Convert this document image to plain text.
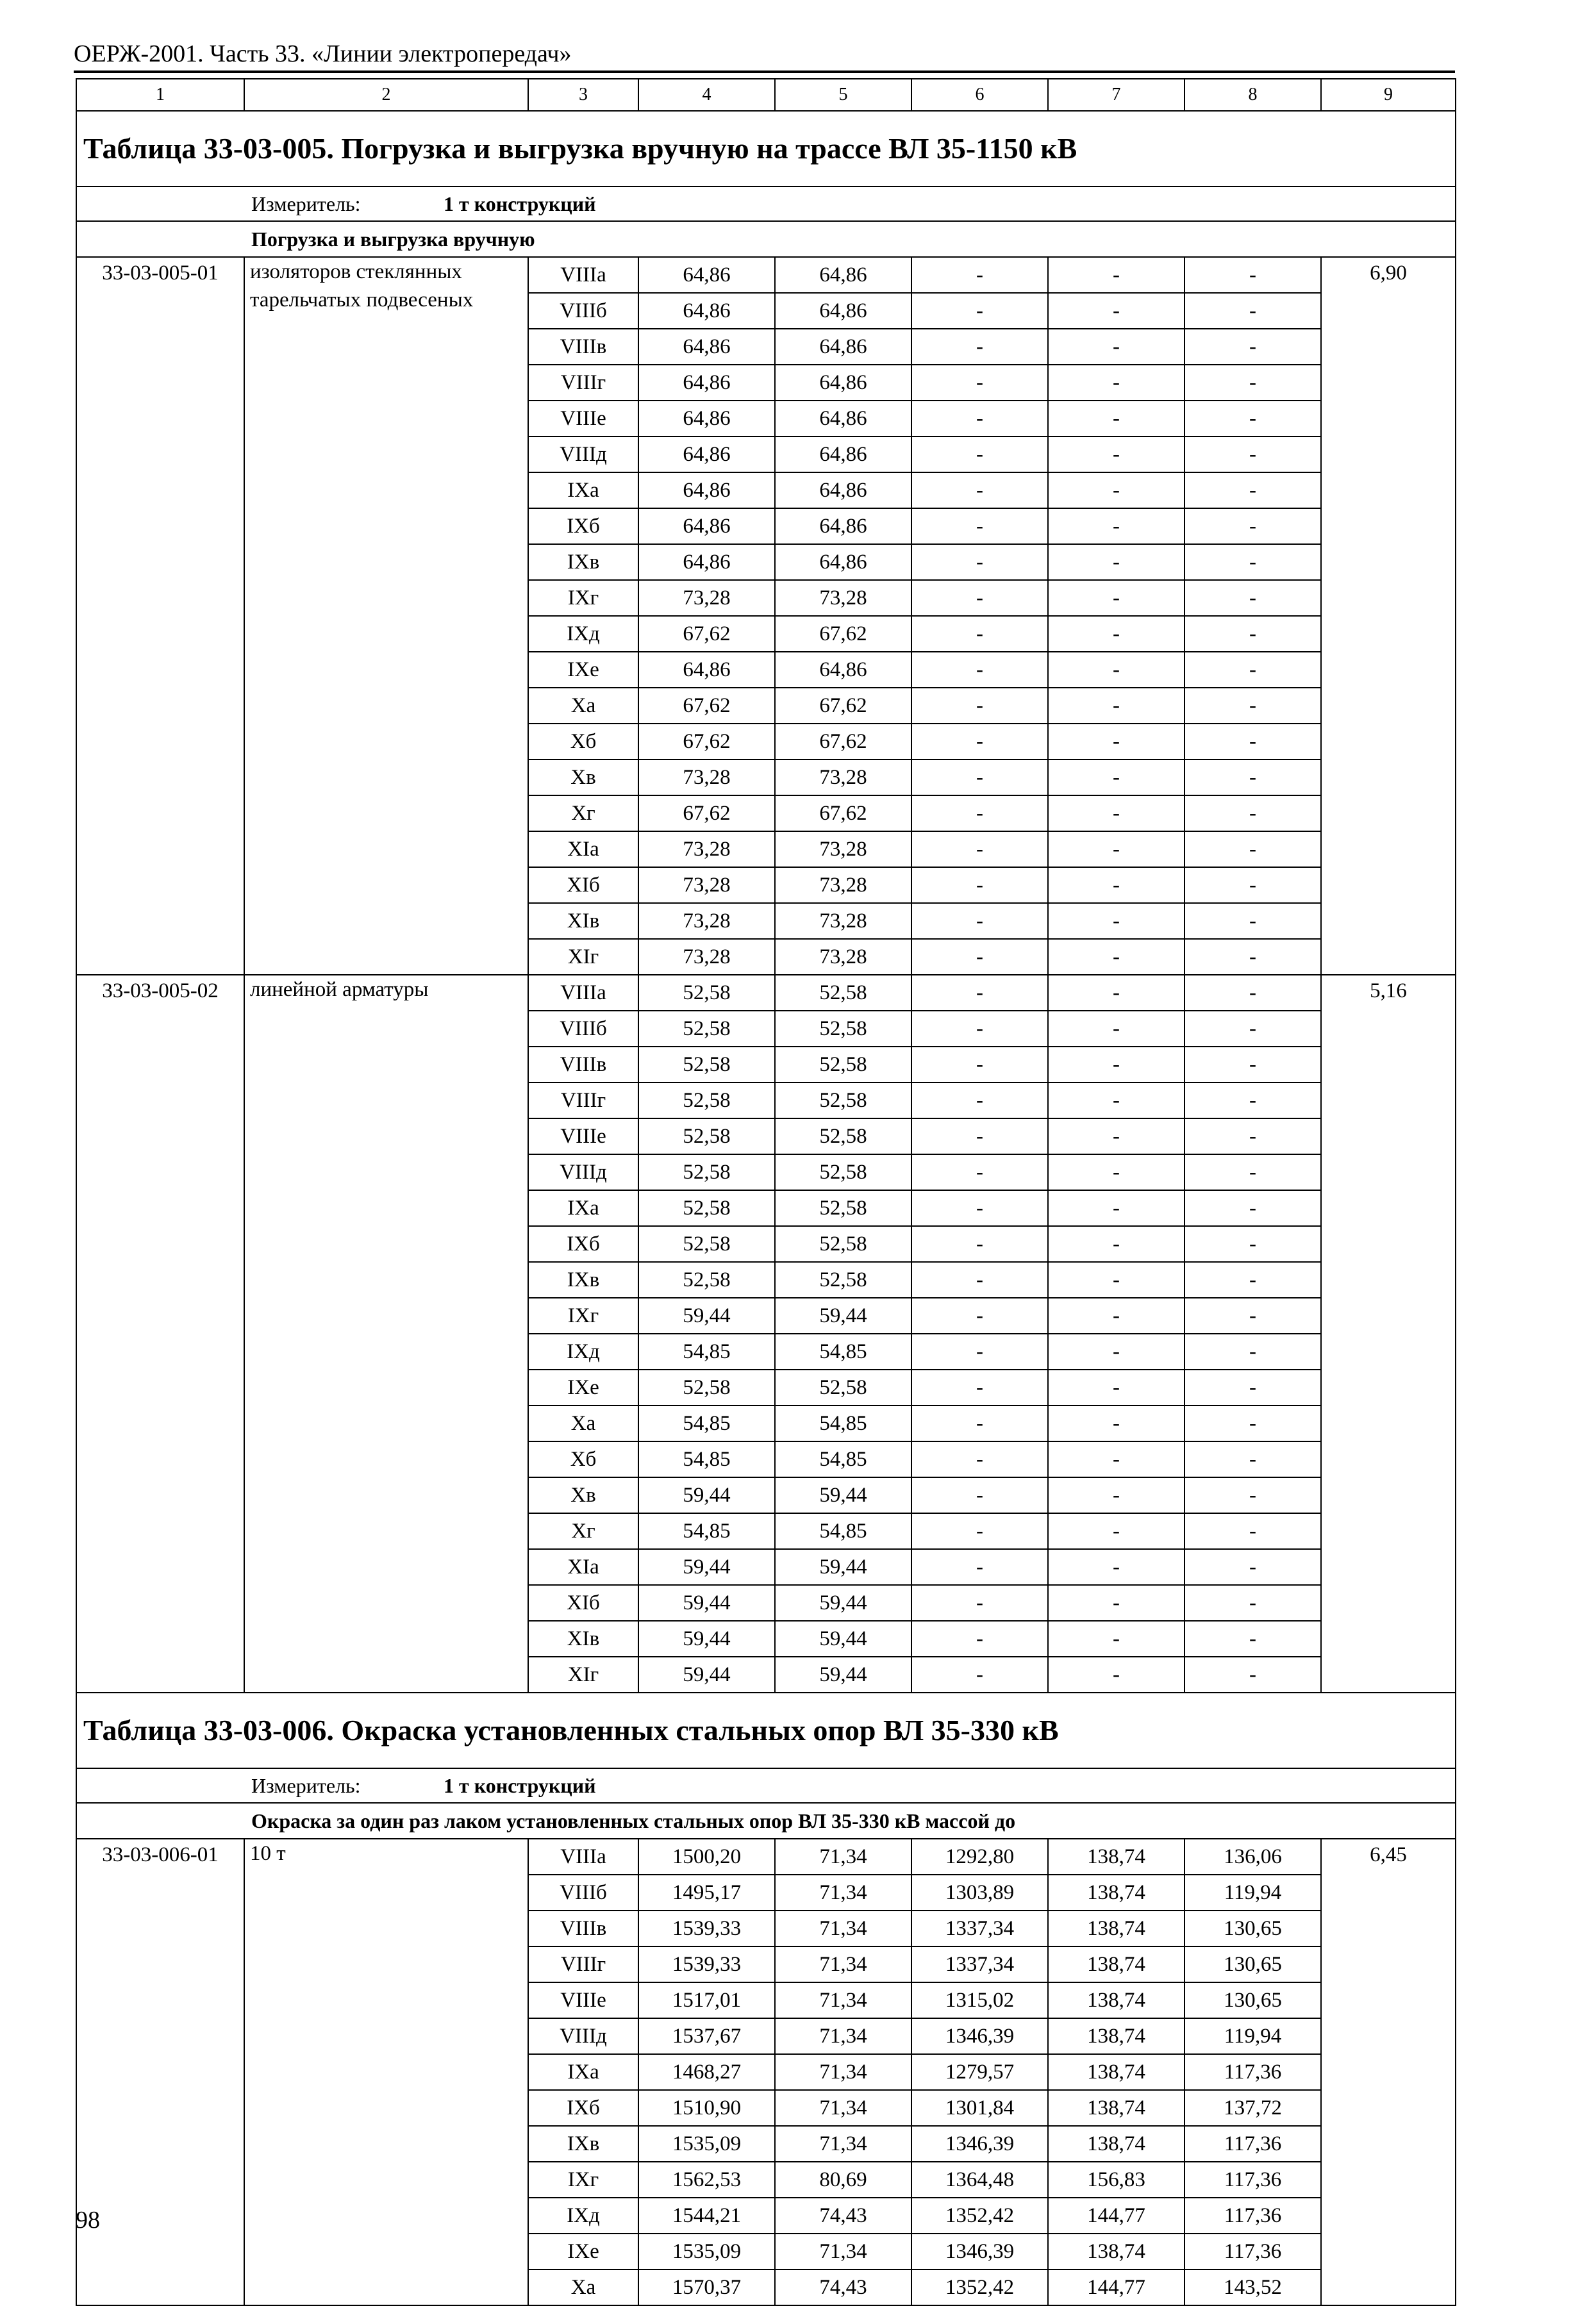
ОЕРЖ-2001. Часть 33. «Линии электропередач»
1	2	3	4	5	6	7	8	9
Таблица 33-03-005. Погрузка и выгрузка вручную на трассе ВЛ 35-1150 кВ								
Измеритель: 1 т конструкций								
Погрузка и выгрузка вручную								
33-03-005-01	изоляторов стеклянных тарельчатых подвесеных	VIIIа	64,86	64,86	-	-	-	6,90
		VIIIб	64,86	64,86	-	-	-	
		VIIIв	64,86	64,86	-	-	-	
		VIIIг	64,86	64,86	-	-	-	
		VIIIе	64,86	64,86	-	-	-	
		VIIIд	64,86	64,86	-	-	-	
		IXа	64,86	64,86	-	-	-	
		IXб	64,86	64,86	-	-	-	
		IXв	64,86	64,86	-	-	-	
		IXг	73,28	73,28	-	-	-	
		IXд	67,62	67,62	-	-	-	
		IXе	64,86	64,86	-	-	-	
		Xа	67,62	67,62	-	-	-	
		Xб	67,62	67,62	-	-	-	
		Xв	73,28	73,28	-	-	-	
		Xг	67,62	67,62	-	-	-	
		XIа	73,28	73,28	-	-	-	
		XIб	73,28	73,28	-	-	-	
		XIв	73,28	73,28	-	-	-	
		XIг	73,28	73,28	-	-	-	
33-03-005-02	линейной арматуры	VIIIа	52,58	52,58	-	-	-	5,16
		VIIIб	52,58	52,58	-	-	-	
		VIIIв	52,58	52,58	-	-	-	
		VIIIг	52,58	52,58	-	-	-	
		VIIIе	52,58	52,58	-	-	-	
		VIIIд	52,58	52,58	-	-	-	
		IXа	52,58	52,58	-	-	-	
		IXб	52,58	52,58	-	-	-	
		IXв	52,58	52,58	-	-	-	
		IXг	59,44	59,44	-	-	-	
		IXд	54,85	54,85	-	-	-	
		IXе	52,58	52,58	-	-	-	
		Xа	54,85	54,85	-	-	-	
		Xб	54,85	54,85	-	-	-	
		Xв	59,44	59,44	-	-	-	
		Xг	54,85	54,85	-	-	-	
		XIа	59,44	59,44	-	-	-	
		XIб	59,44	59,44	-	-	-	
		XIв	59,44	59,44	-	-	-	
		XIг	59,44	59,44	-	-	-	
Таблица 33-03-006. Окраска установленных стальных опор ВЛ 35-330 кВ								
Измеритель: 1 т конструкций								
Окраска за один раз лаком установленных стальных опор ВЛ 35-330 кВ массой до								
33-03-006-01	10 т	VIIIа	1500,20	71,34	1292,80	138,74	136,06	6,45
		VIIIб	1495,17	71,34	1303,89	138,74	119,94	
		VIIIв	1539,33	71,34	1337,34	138,74	130,65	
		VIIIг	1539,33	71,34	1337,34	138,74	130,65	
		VIIIе	1517,01	71,34	1315,02	138,74	130,65	
		VIIIд	1537,67	71,34	1346,39	138,74	119,94	
		IXа	1468,27	71,34	1279,57	138,74	117,36	
		IXб	1510,90	71,34	1301,84	138,74	137,72	
		IXв	1535,09	71,34	1346,39	138,74	117,36	
		IXг	1562,53	80,69	1364,48	156,83	117,36	
		IXд	1544,21	74,43	1352,42	144,77	117,36	
		IXе	1535,09	71,34	1346,39	138,74	117,36	
		Xа	1570,37	74,43	1352,42	144,77	143,52	
98
